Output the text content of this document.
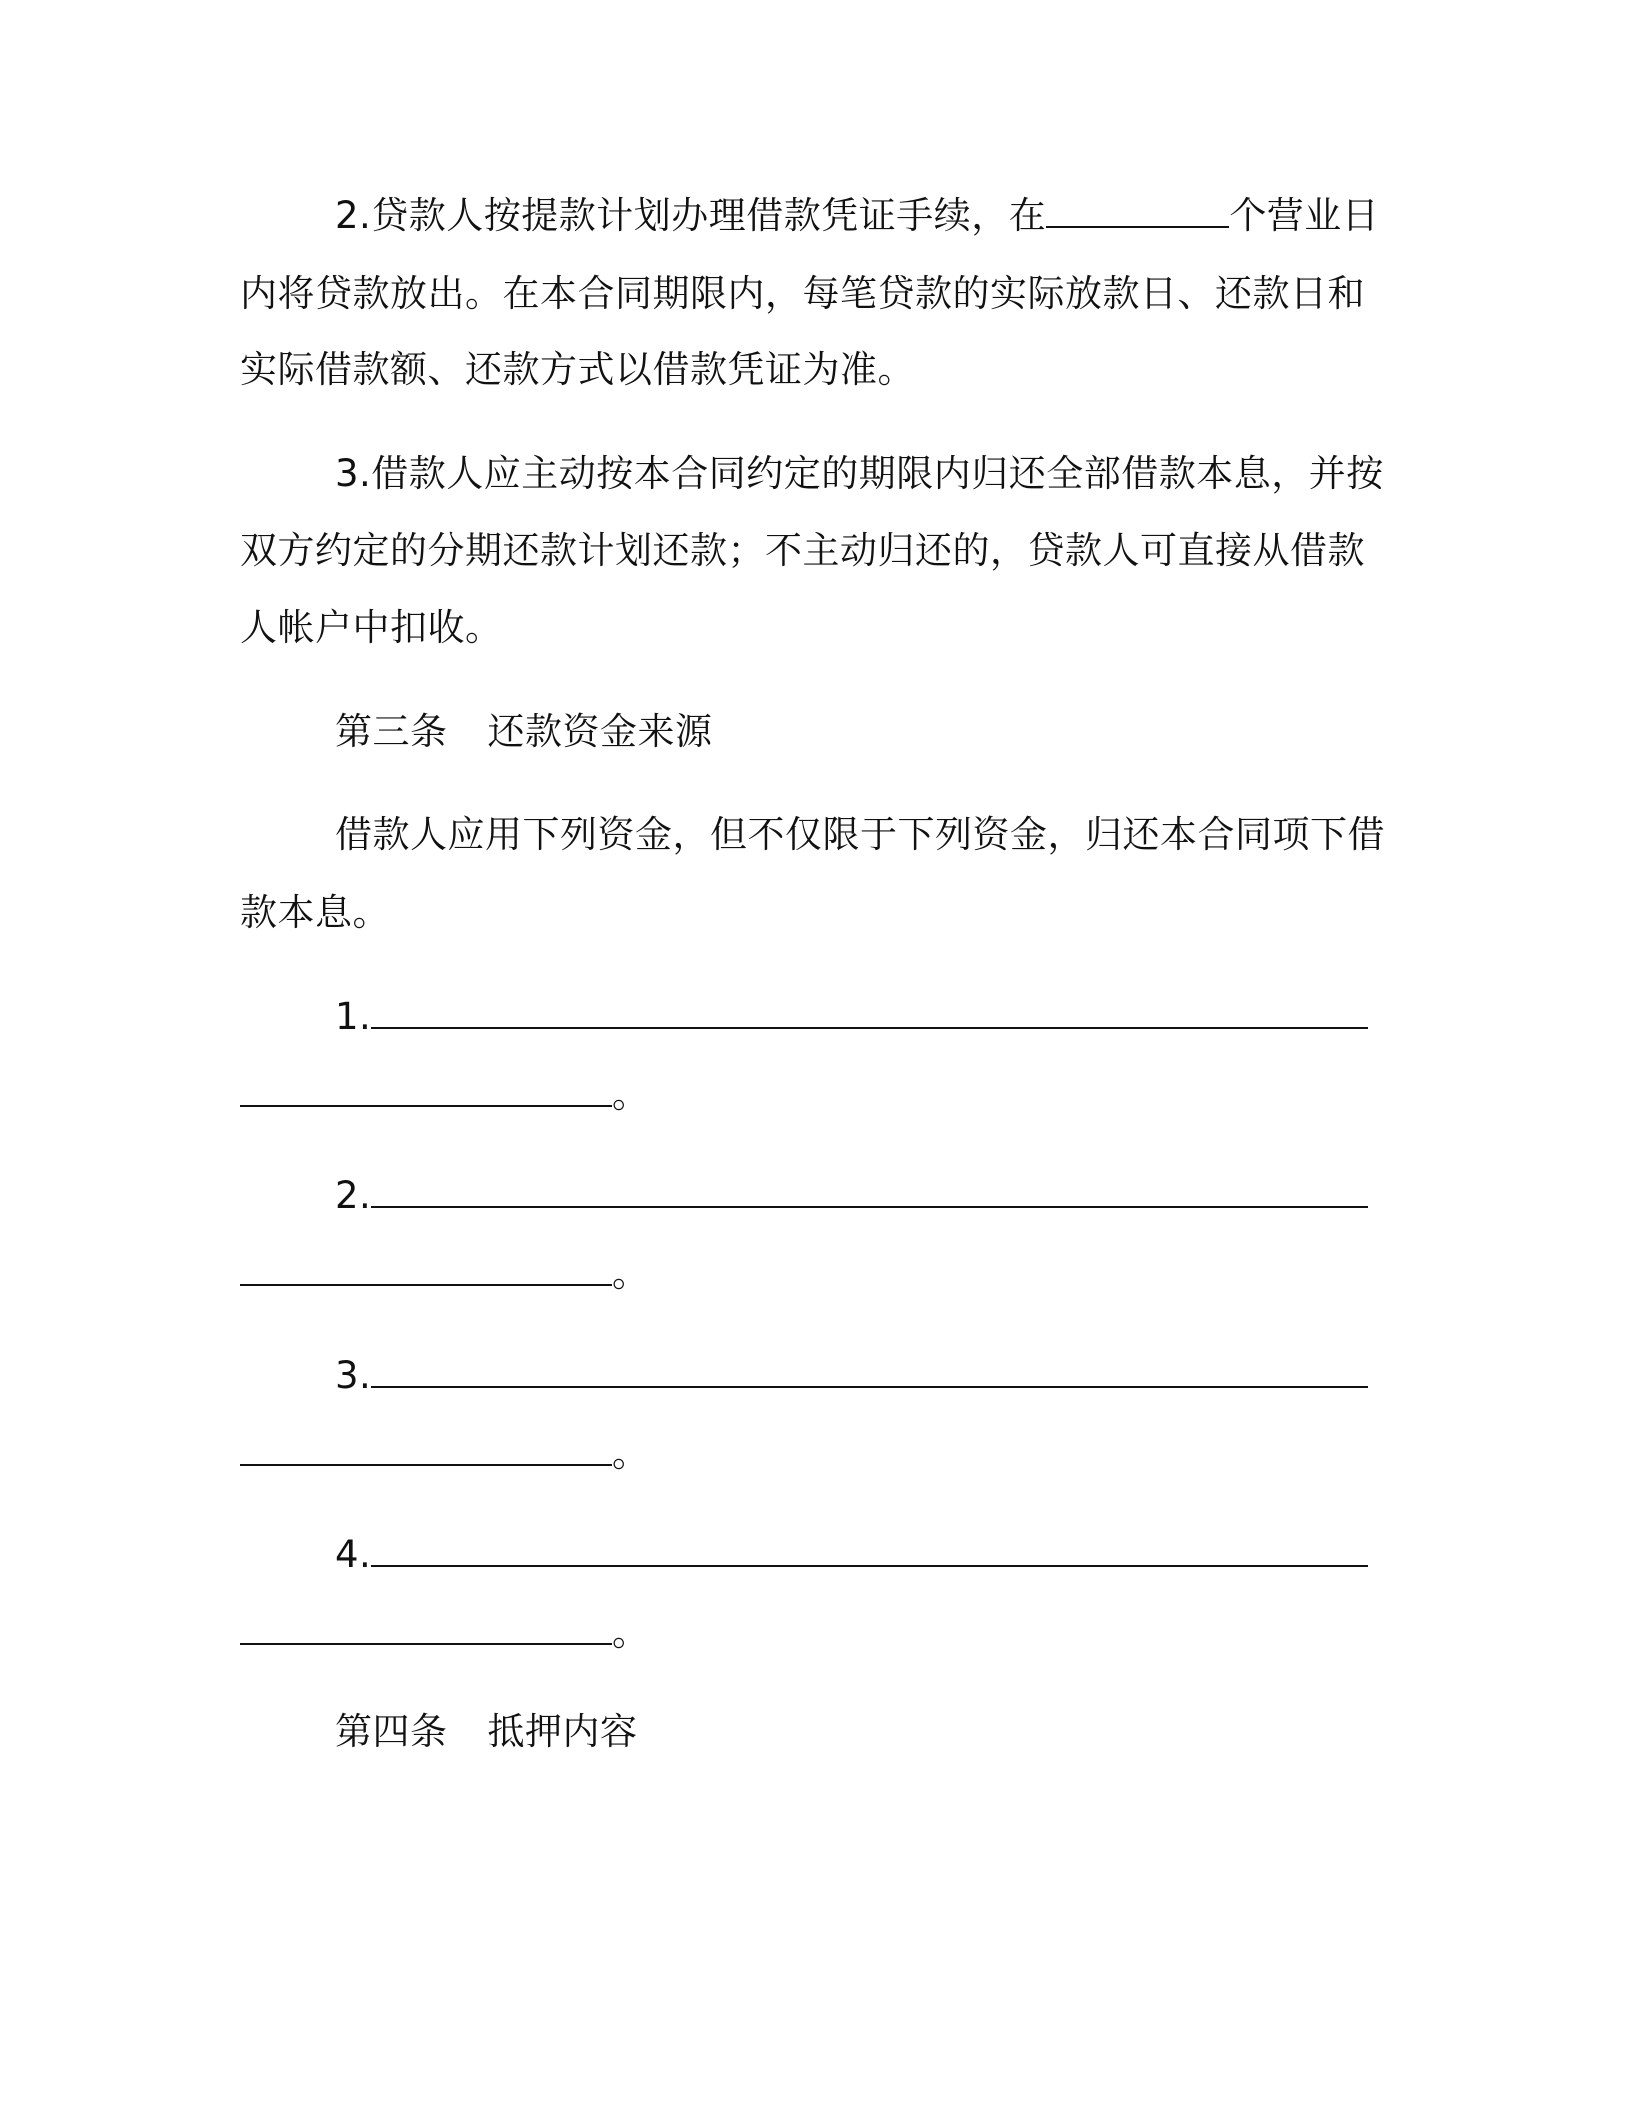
2.贷款人按提款计划办理借款凭证手续，在	个营业日
内将贷款放出。在本合同期限内，每笔贷款的实际放款日、还款日和
实际借款额、还款方式以借款凭证为准。
3.借款人应主动按本合同约定的期限内归还全部借款本息，并按
双方约定的分期还款计划还款；不主动归还的，贷款人可直接从借款
人帐户中扣收。
第三条 还款资金来源
借款人应用下列资金，但不仅限于下列资金，归还本合同项下借
款本息。
1.
。
2.
。
3.
。
4.
。
第四条 抵押内容
